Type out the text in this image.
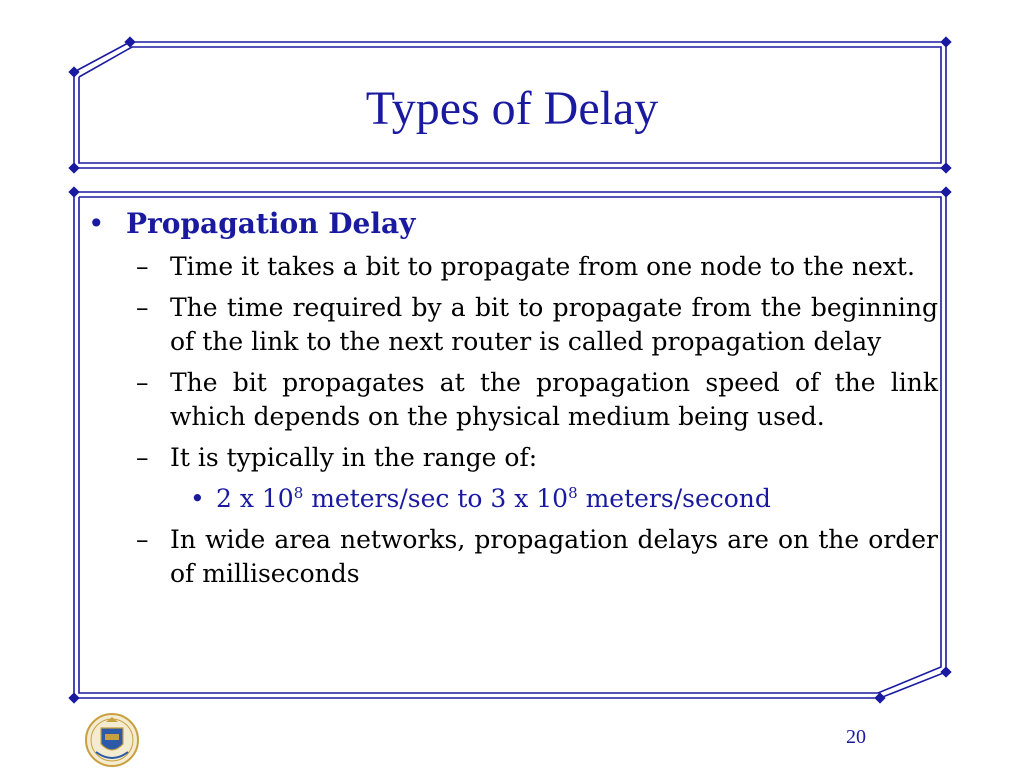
Types of Delay
• Propagation Delay
– Time it takes a bit to propagate from one node to the next.
– The time required by a bit to propagate from the beginning of the link to the next router is called propagation delay
– The bit propagates at the propagation speed of the link which depends on the physical medium being used.
– It is typically in the range of:
• 2 x $10^8$ meters/sec to 3 x $10^8$ meters/second
– In wide area networks, propagation delays are on the order of milliseconds
20
